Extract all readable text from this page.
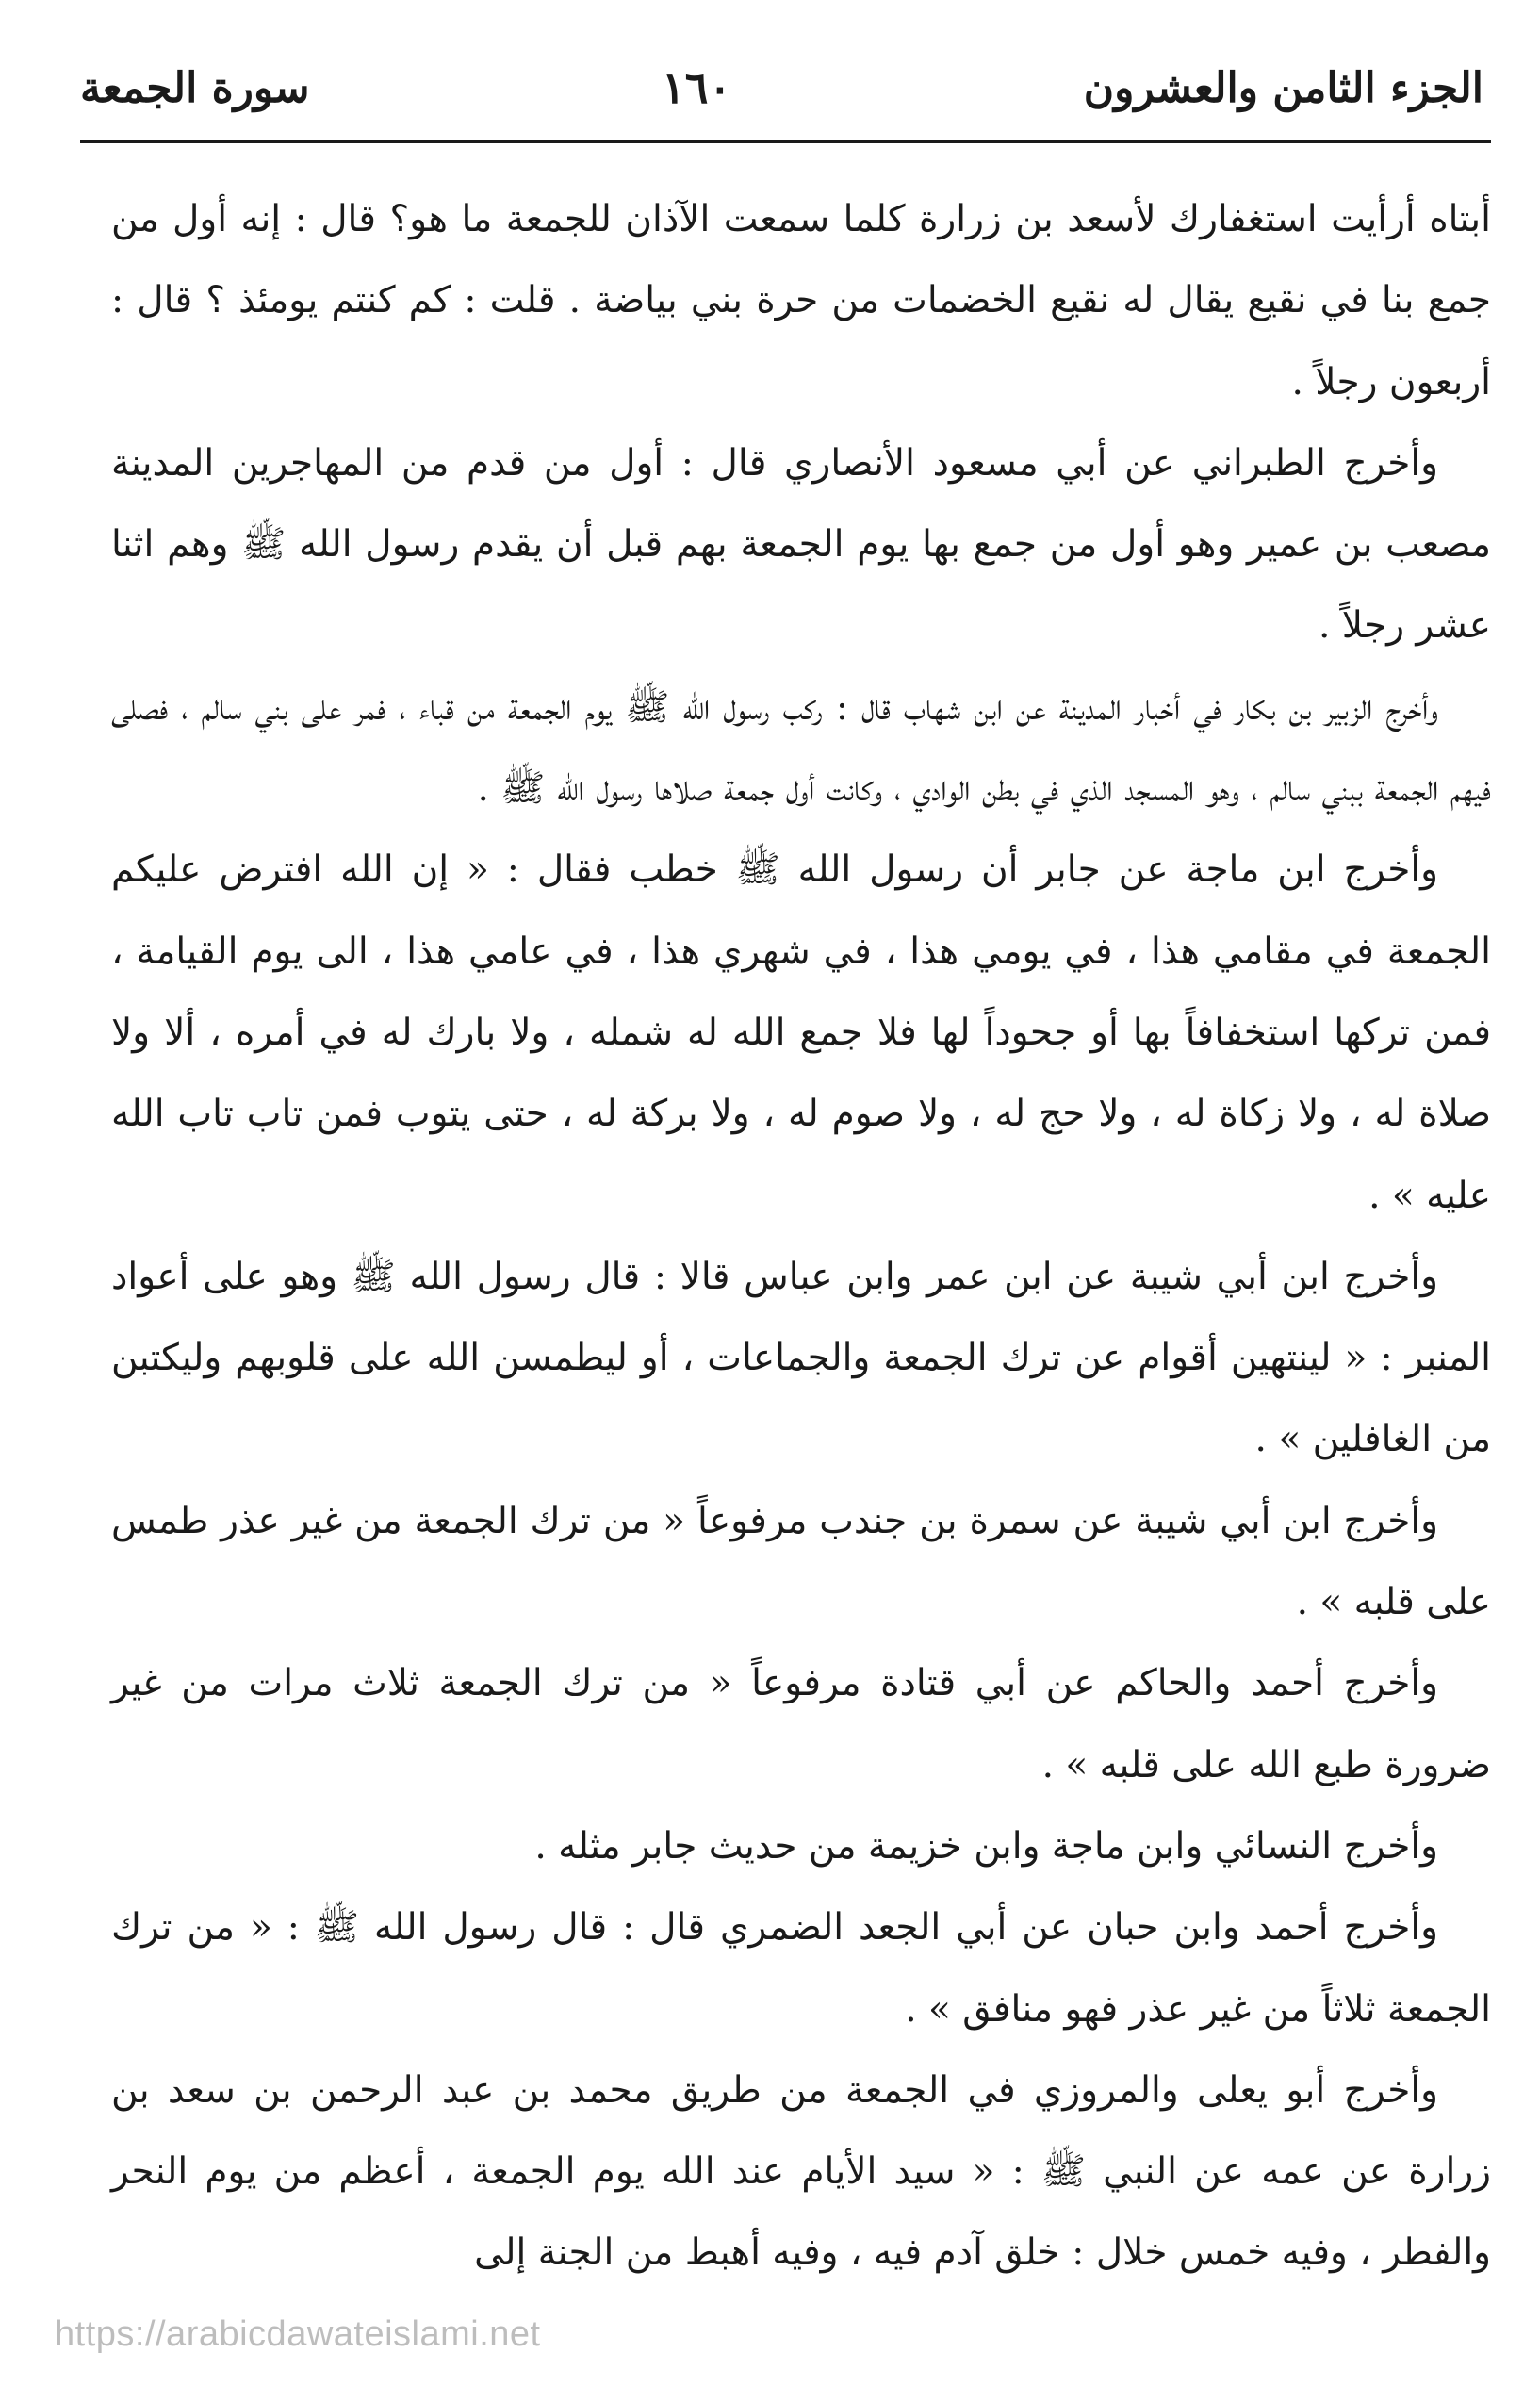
الجزء الثامن والعشرون
١٦٠
سورة الجمعة

أبتاه أرأيت استغفارك لأسعد بن زرارة كلما سمعت الآذان للجمعة ما هو؟ قال : إنه أول من جمع بنا في نقيع يقال له نقيع الخضمات من حرة بني بياضة . قلت : كم كنتم يومئذ ؟ قال : أربعون رجلاً .

وأخرج الطبراني عن أبي مسعود الأنصاري قال : أول من قدم من المهاجرين المدينة مصعب بن عمير وهو أول من جمع بها يوم الجمعة بهم قبل أن يقدم رسول الله ﷺ وهم اثنا عشر رجلاً .

وأخرج الزبير بن بكار في أخبار المدينة عن ابن شهاب قال : ركب رسول الله ﷺ يوم الجمعة من قباء ، فمر على بني سالم ، فصلى فيهم الجمعة ببني سالم ، وهو المسجد الذي في بطن الوادي ، وكانت أول جمعة صلاها رسول الله ﷺ .

وأخرج ابن ماجة عن جابر أن رسول الله ﷺ خطب فقال : « إن الله افترض عليكم الجمعة في مقامي هذا ، في يومي هذا ، في شهري هذا ، في عامي هذا ، الى يوم القيامة ، فمن تركها استخفافاً بها أو جحوداً لها فلا جمع الله له شمله ، ولا بارك له في أمره ، ألا ولا صلاة له ، ولا زكاة له ، ولا حج له ، ولا صوم له ، ولا بركة له ، حتى يتوب فمن تاب تاب الله عليه » .

وأخرج ابن أبي شيبة عن ابن عمر وابن عباس قالا : قال رسول الله ﷺ وهو على أعواد المنبر : « لينتهين أقوام عن ترك الجمعة والجماعات ، أو ليطمسن الله على قلوبهم وليكتبن من الغافلين » .

وأخرج ابن أبي شيبة عن سمرة بن جندب مرفوعاً « من ترك الجمعة من غير عذر طمس على قلبه » .

وأخرج أحمد والحاكم عن أبي قتادة مرفوعاً « من ترك الجمعة ثلاث مرات من غير ضرورة طبع الله على قلبه » .

وأخرج النسائي وابن ماجة وابن خزيمة من حديث جابر مثله .

وأخرج أحمد وابن حبان عن أبي الجعد الضمري قال : قال رسول الله ﷺ : « من ترك الجمعة ثلاثاً من غير عذر فهو منافق » .

وأخرج أبو يعلى والمروزي في الجمعة من طريق محمد بن عبد الرحمن بن سعد بن زرارة عن عمه عن النبي ﷺ : « سيد الأيام عند الله يوم الجمعة ، أعظم من يوم النحر والفطر ، وفيه خمس خلال : خلق آدم فيه ، وفيه أهبط من الجنة إلى

https://arabicdawateislami.net
